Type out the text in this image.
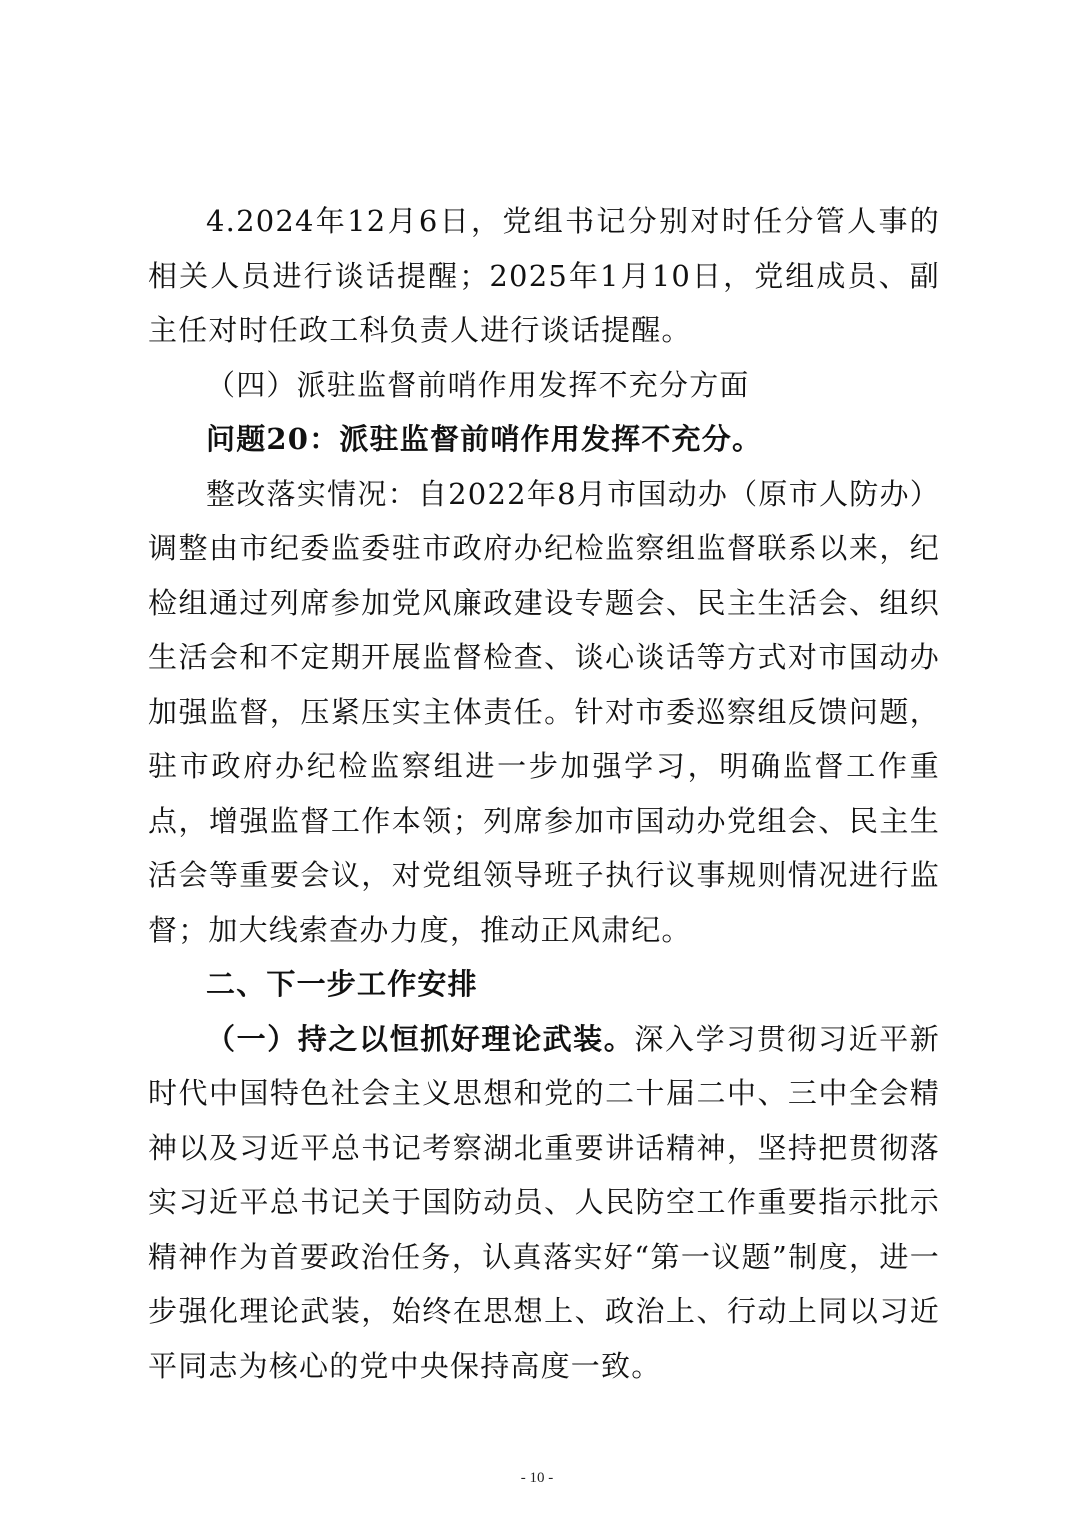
4.2024年12月6日，党组书记分别对时任分管人事的相关人员进行谈话提醒；2025年1月10日，党组成员、副主任对时任政工科负责人进行谈话提醒。

（四）派驻监督前哨作用发挥不充分方面

问题20：派驻监督前哨作用发挥不充分。

整改落实情况：自2022年8月市国动办（原市人防办）调整由市纪委监委驻市政府办纪检监察组监督联系以来，纪检组通过列席参加党风廉政建设专题会、民主生活会、组织生活会和不定期开展监督检查、谈心谈话等方式对市国动办加强监督，压紧压实主体责任。针对市委巡察组反馈问题，驻市政府办纪检监察组进一步加强学习，明确监督工作重点，增强监督工作本领；列席参加市国动办党组会、民主生活会等重要会议，对党组领导班子执行议事规则情况进行监督；加大线索查办力度，推动正风肃纪。

二、下一步工作安排

（一）持之以恒抓好理论武装。深入学习贯彻习近平新时代中国特色社会主义思想和党的二十届二中、三中全会精神以及习近平总书记考察湖北重要讲话精神，坚持把贯彻落实习近平总书记关于国防动员、人民防空工作重要指示批示精神作为首要政治任务，认真落实好“第一议题”制度，进一步强化理论武装，始终在思想上、政治上、行动上同以习近平同志为核心的党中央保持高度一致。

- 10 -
